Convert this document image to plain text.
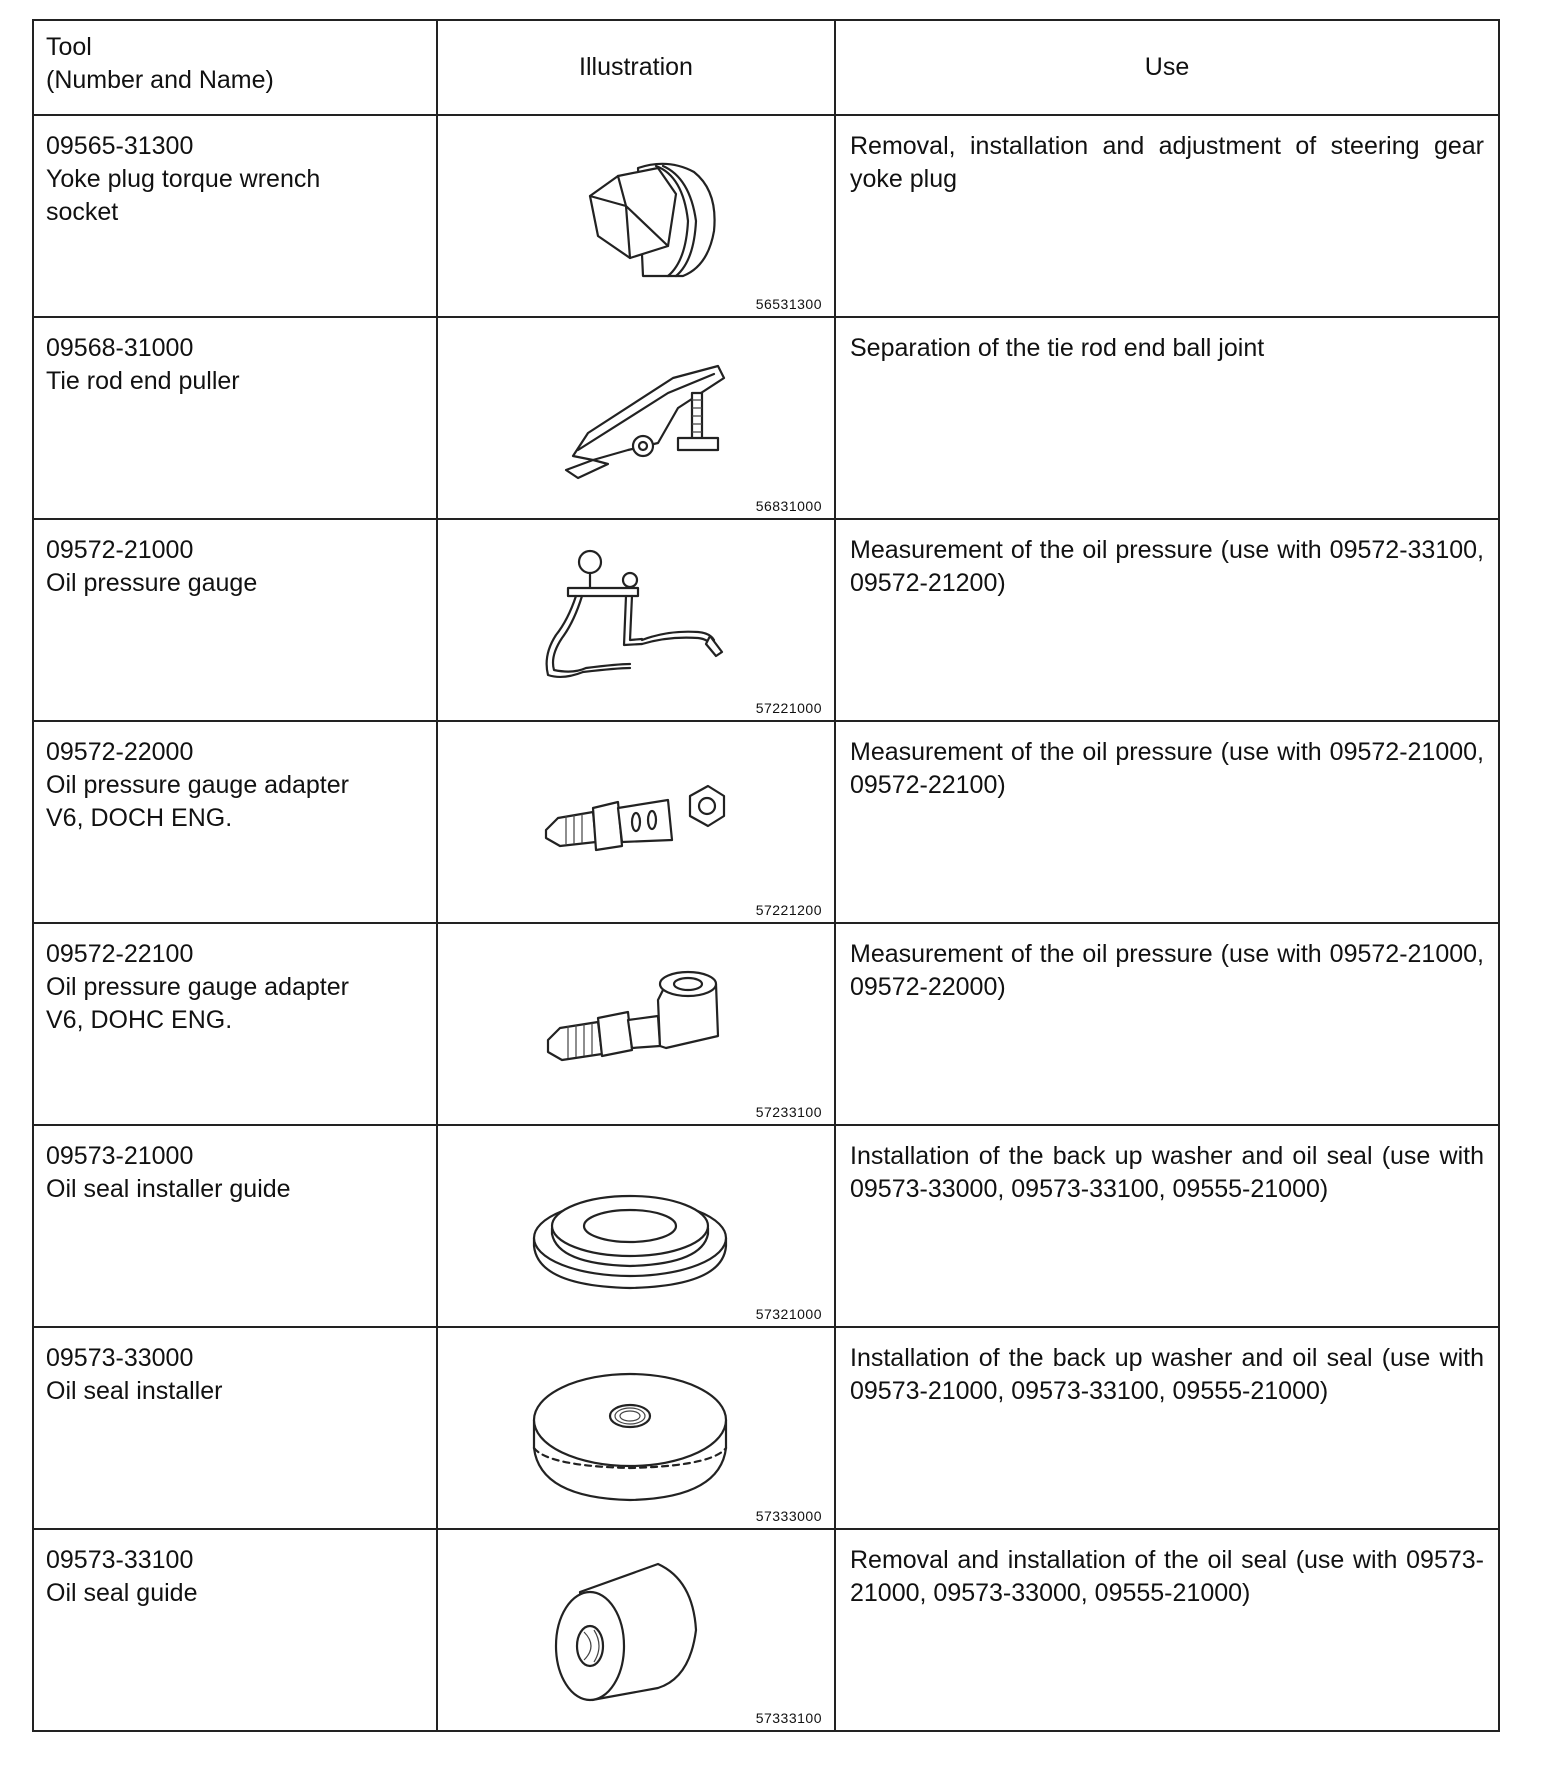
Tool
(Number and Name)	Illustration	Use

09565-31300
Yoke plug torque wrench
socket	56531300	Removal, installation and adjustment of steering gear yoke plug

09568-31000
Tie rod end puller	56831000	Separation of the tie rod end ball joint

09572-21000
Oil pressure gauge	57221000	Measurement of the oil pressure (use with 09572-33100, 09572-21200)

09572-22000
Oil pressure gauge adapter
V6, DOCH ENG.	57221200	Measurement of the oil pressure (use with 09572-21000, 09572-22100)

09572-22100
Oil pressure gauge adapter
V6, DOHC ENG.	57233100	Measurement of the oil pressure (use with 09572-21000, 09572-22000)

09573-21000
Oil seal installer guide	57321000	Installation of the back up washer and oil seal (use with 09573-33000, 09573-33100, 09555-21000)

09573-33000
Oil seal installer	57333000	Installation of the back up washer and oil seal (use with 09573-21000, 09573-33100, 09555-21000)

09573-33100
Oil seal guide	57333100	Removal and installation of the oil seal (use with 09573-21000, 09573-33000, 09555-21000)
